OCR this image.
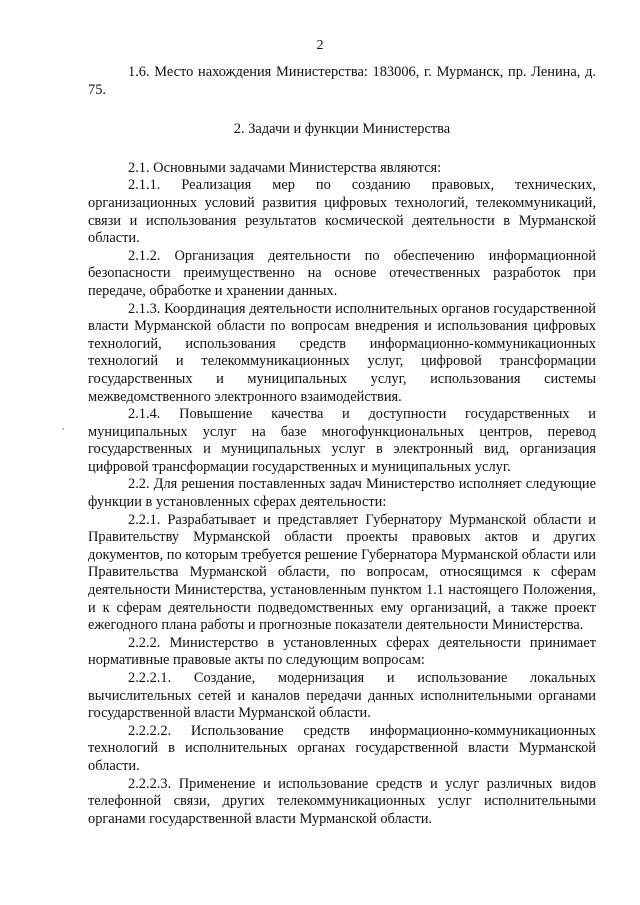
2

1.6. Место нахождения Министерства: 183006, г. Мурманск, пр. Ленина, д. 75.

2. Задачи и функции Министерства

2.1. Основными задачами Министерства являются:

2.1.1. Реализация мер по созданию правовых, технических, организационных условий развития цифровых технологий, телекоммуникаций, связи и использования результатов космической деятельности в Мурманской области.

2.1.2. Организация деятельности по обеспечению информационной безопасности преимущественно на основе отечественных разработок при передаче, обработке и хранении данных.

2.1.3. Координация деятельности исполнительных органов государственной власти Мурманской области по вопросам внедрения и использования цифровых технологий, использования средств информационно-коммуникационных технологий и телекоммуникационных услуг, цифровой трансформации государственных и муниципальных услуг, использования системы межведомственного электронного взаимодействия.

2.1.4. Повышение качества и доступности государственных и муниципальных услуг на базе многофункциональных центров, перевод государственных и муниципальных услуг в электронный вид, организация цифровой трансформации государственных и муниципальных услуг.

2.2. Для решения поставленных задач Министерство исполняет следующие функции в установленных сферах деятельности:

2.2.1. Разрабатывает и представляет Губернатору Мурманской области и Правительству Мурманской области проекты правовых актов и других документов, по которым требуется решение Губернатора Мурманской области или Правительства Мурманской области, по вопросам, относящимся к сферам деятельности Министерства, установленным пунктом 1.1 настоящего Положения, и к сферам деятельности подведомственных ему организаций, а также проект ежегодного плана работы и прогнозные показатели деятельности Министерства.

2.2.2. Министерство в установленных сферах деятельности принимает нормативные правовые акты по следующим вопросам:

2.2.2.1. Создание, модернизация и использование локальных вычислительных сетей и каналов передачи данных исполнительными органами государственной власти Мурманской области.

2.2.2.2. Использование средств информационно-коммуникационных технологий в исполнительных органах государственной власти Мурманской области.

2.2.2.3. Применение и использование средств и услуг различных видов телефонной связи, других телекоммуникационных услуг исполнительными органами государственной власти Мурманской области.
